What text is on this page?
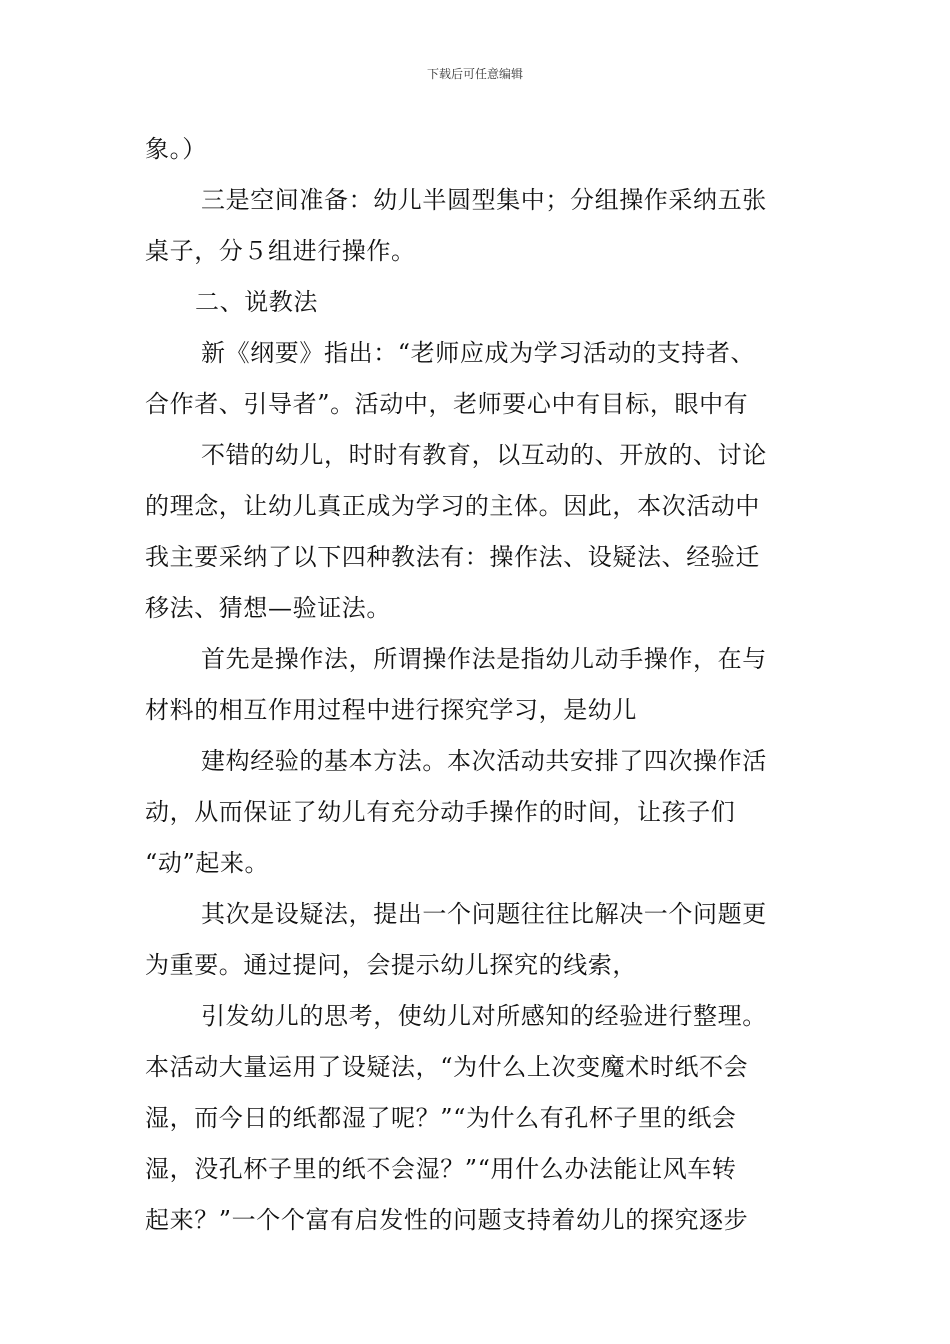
下载后可任意编辑
象。）
三是空间准备：幼儿半圆型集中；分组操作采纳五张
桌子，分５组进行操作。
二、说教法
新《纲要》指出：“老师应成为学习活动的支持者、
合作者、引导者”。活动中，老师要心中有目标，眼中有
不错的幼儿，时时有教育，以互动的、开放的、讨论
的理念，让幼儿真正成为学习的主体。因此，本次活动中
我主要采纳了以下四种教法有：操作法、设疑法、经验迁
移法、猜想—验证法。
首先是操作法，所谓操作法是指幼儿动手操作，在与
材料的相互作用过程中进行探究学习，是幼儿
建构经验的基本方法。本次活动共安排了四次操作活
动，从而保证了幼儿有充分动手操作的时间，让孩子们
“动”起来。
其次是设疑法，提出一个问题往往比解决一个问题更
为重要。通过提问，会提示幼儿探究的线索，
引发幼儿的思考，使幼儿对所感知的经验进行整理。
本活动大量运用了设疑法，“为什么上次变魔术时纸不会
湿，而今日的纸都湿了呢？”“为什么有孔杯子里的纸会
湿，没孔杯子里的纸不会湿？”“用什么办法能让风车转
起来？”一个个富有启发性的问题支持着幼儿的探究逐步
